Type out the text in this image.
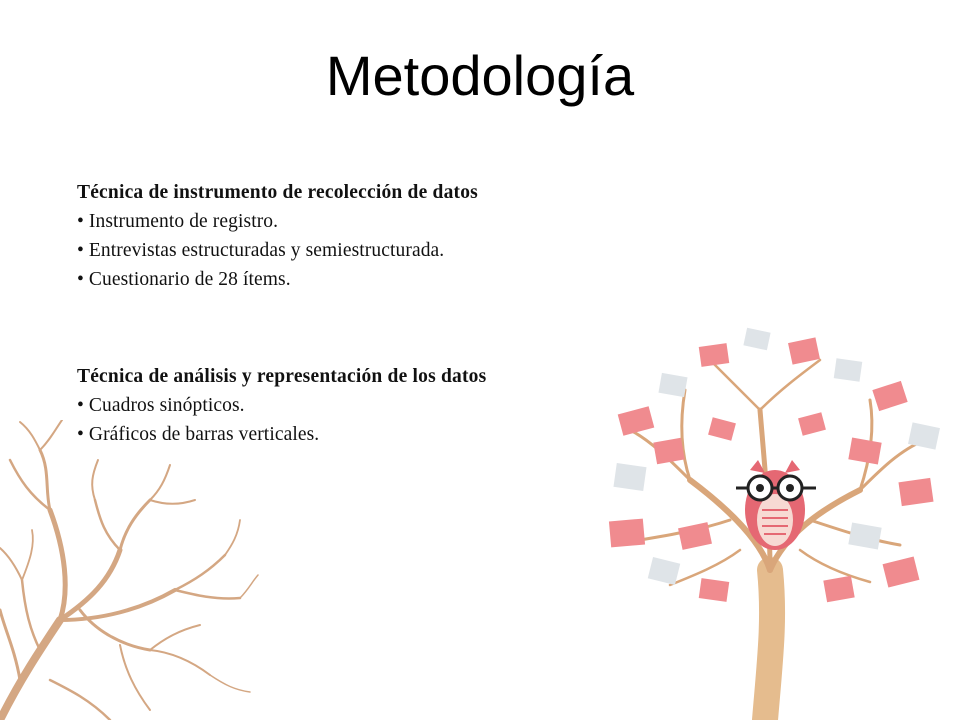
Metodología
Técnica de instrumento de recolección de datos
• Instrumento de registro.
• Entrevistas estructuradas y semiestructurada.
• Cuestionario de 28 ítems.
Técnica de análisis y representación de los datos
• Cuadros sinópticos.
• Gráficos de barras verticales.
